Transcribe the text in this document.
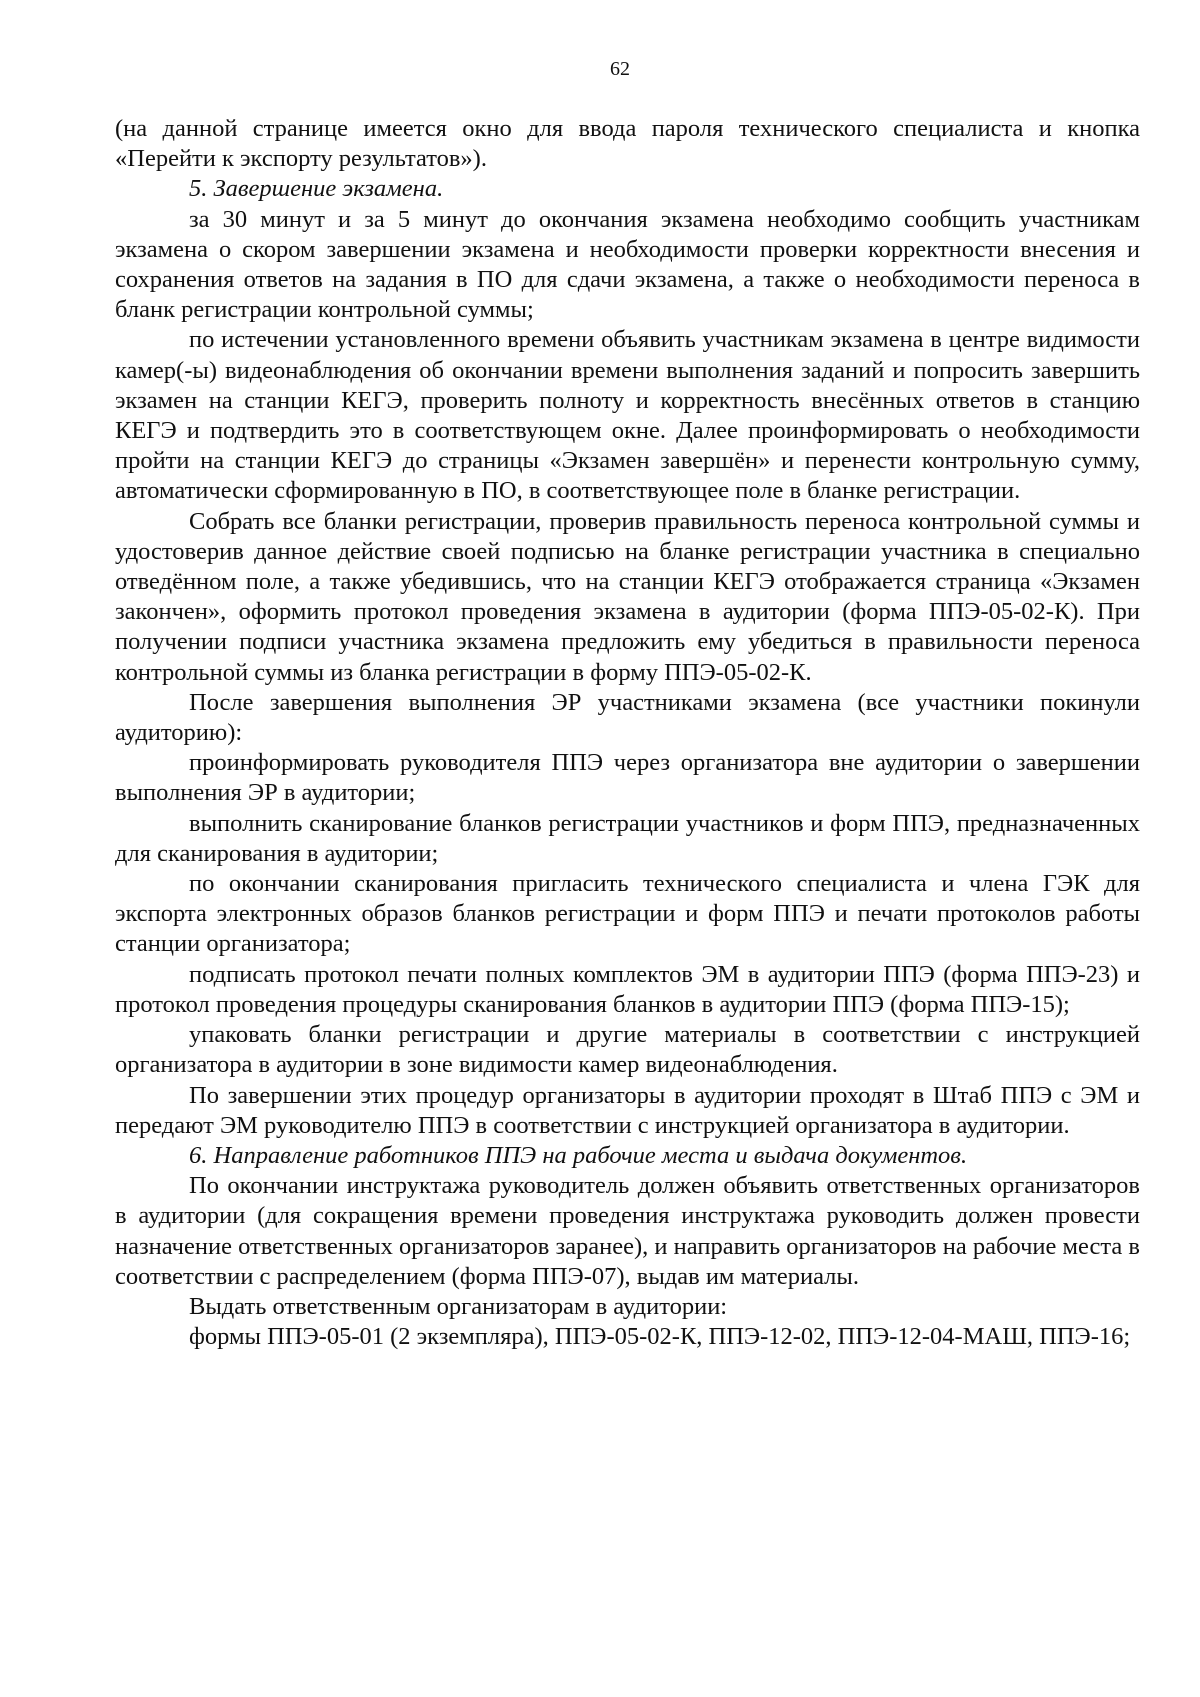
62

(на данной странице имеется окно для ввода пароля технического специалиста и кнопка «Перейти к экспорту результатов»).

5. Завершение экзамена.

за 30 минут и за 5 минут до окончания экзамена необходимо сообщить участникам экзамена о скором завершении экзамена и необходимости проверки корректности внесения и сохранения ответов на задания в ПО для сдачи экзамена, а также о необходимости переноса в бланк регистрации контрольной суммы;

по истечении установленного времени объявить участникам экзамена в центре видимости камер(-ы) видеонаблюдения об окончании времени выполнения заданий и попросить завершить экзамен на станции КЕГЭ, проверить полноту и корректность внесённых ответов в станцию КЕГЭ и подтвердить это в соответствующем окне. Далее проинформировать о необходимости пройти на станции КЕГЭ до страницы «Экзамен завершён» и перенести контрольную сумму, автоматически сформированную в ПО, в соответствующее поле в бланке регистрации.

Собрать все бланки регистрации, проверив правильность переноса контрольной суммы и удостоверив данное действие своей подписью на бланке регистрации участника в специально отведённом поле, а также убедившись, что на станции КЕГЭ отображается страница «Экзамен закончен», оформить протокол проведения экзамена в аудитории (форма ППЭ-05-02-К). При получении подписи участника экзамена предложить ему убедиться в правильности переноса контрольной суммы из бланка регистрации в форму ППЭ-05-02-К.

После завершения выполнения ЭР участниками экзамена (все участники покинули аудиторию):

проинформировать руководителя ППЭ через организатора вне аудитории о завершении выполнения ЭР в аудитории;

выполнить сканирование бланков регистрации участников и форм ППЭ, предназначенных для сканирования в аудитории;

по окончании сканирования пригласить технического специалиста и члена ГЭК для экспорта электронных образов бланков регистрации и форм ППЭ и печати протоколов работы станции организатора;

подписать протокол печати полных комплектов ЭМ в аудитории ППЭ (форма ППЭ-23) и протокол проведения процедуры сканирования бланков в аудитории ППЭ (форма ППЭ-15);

упаковать бланки регистрации и другие материалы в соответствии с инструкцией организатора в аудитории в зоне видимости камер видеонаблюдения.

По завершении этих процедур организаторы в аудитории проходят в Штаб ППЭ с ЭМ и передают ЭМ руководителю ППЭ в соответствии с инструкцией организатора в аудитории.

6. Направление работников ППЭ на рабочие места и выдача документов.

По окончании инструктажа руководитель должен объявить ответственных организаторов в аудитории (для сокращения времени проведения инструктажа руководить должен провести назначение ответственных организаторов заранее), и направить организаторов на рабочие места в соответствии с распределением (форма ППЭ-07), выдав им материалы.

Выдать ответственным организаторам в аудитории:

формы ППЭ-05-01 (2 экземпляра), ППЭ-05-02-К, ППЭ-12-02, ППЭ-12-04-МАШ, ППЭ-16;
